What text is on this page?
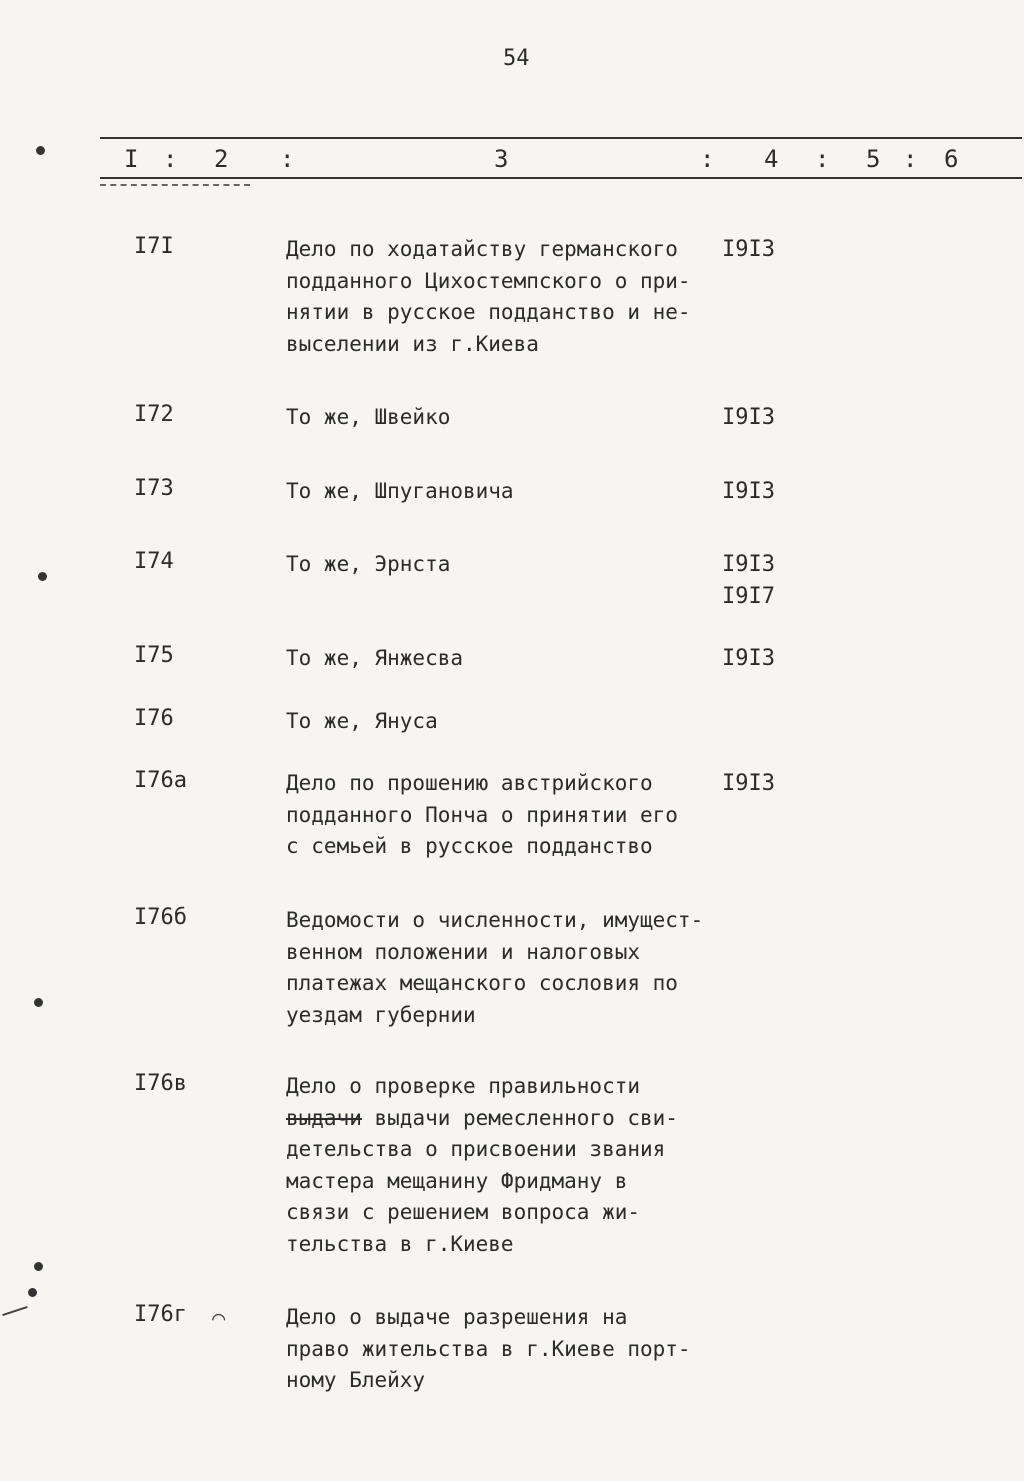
54
I : 2 :	3	: 4 : 5 : 6
I7I	Дело по ходатайству германского
подданного Цихостемпского о при-
нятии в русское подданство и не-
выселении из г.Киева
I9I3
I72	То же, Швейко	I9I3
I73	То же, Шпугановича	I9I3
I74	То же, Эрнста	I9I3
I9I7
I75	То же, Янжесва	I9I3
I76	То же, Януса
I76а	Дело по прошению австрийского
подданного Понча о принятии его
с семьей в русское подданство
I9I3
I76б	Ведомости о численности, имущест-
венном положении и налоговых
платежах мещанского сословия по
уездам губернии
I76в	Дело о проверке правильности
выдачи выдачи ремесленного сви-
детельства о присвоении звания
мастера мещанину Фридману в
связи с решением вопроса жи-
тельства в г.Киеве
I76г ⌒	Дело о выдаче разрешения на
право жительства в г.Киеве порт-
ному Блейху
